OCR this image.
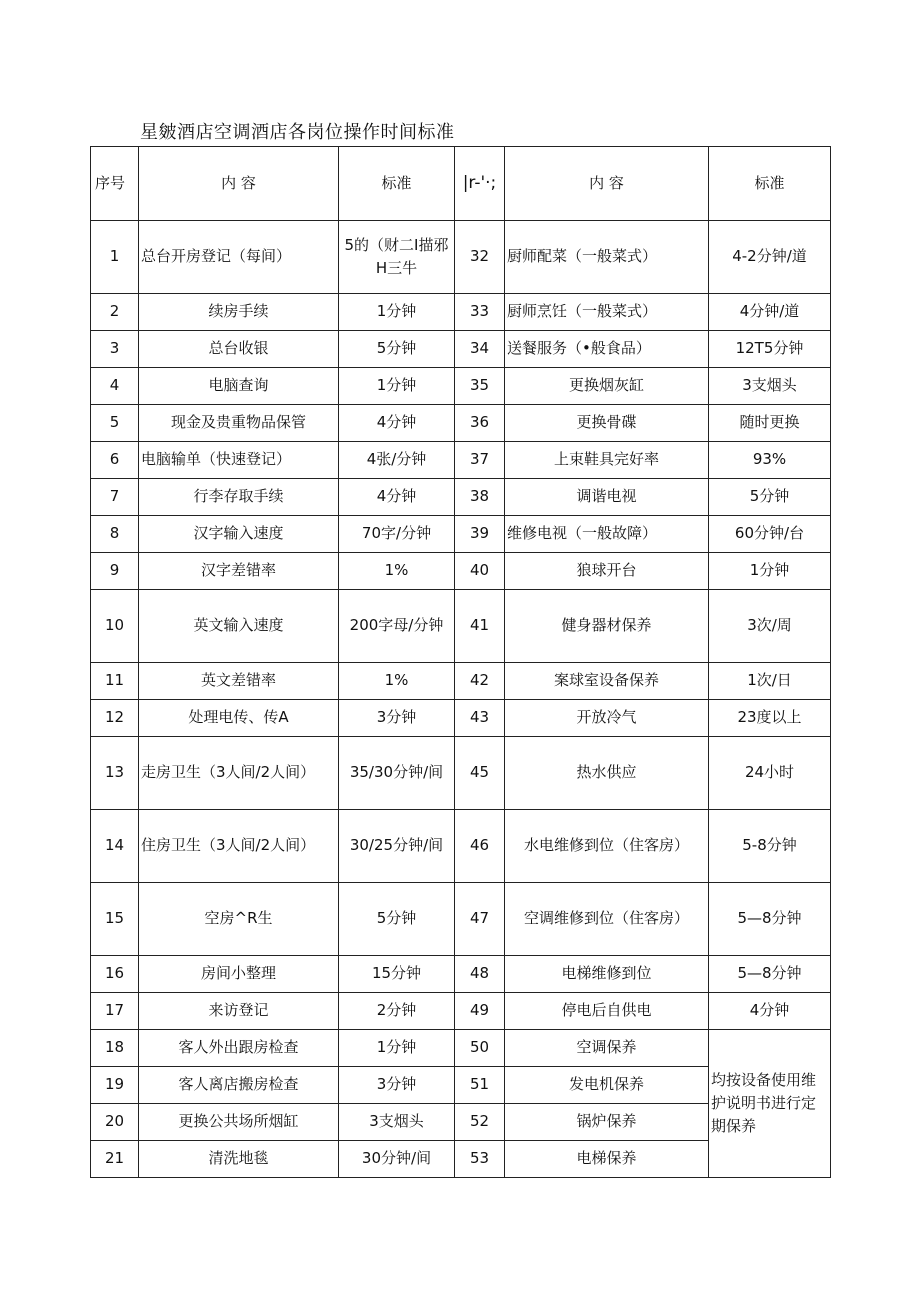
星皴酒店空调酒店各岗位操作时间标准
序号	内 容	标准	|r-'·;	内 容	标准
1	总台开房登记（每间）	5的（财二I描邪H三牛	32	厨师配菜（一般菜式）	4-2分钟/道
2	续房手续	1分钟	33	厨师烹饪（一般菜式）	4分钟/道
3	总台收银	5分钟	34	送餐服务（•般食品）	12T5分钟
4	电脑查询	1分钟	35	更换烟灰缸	3支烟头
5	现金及贵重物品保管	4分钟	36	更换骨碟	随时更换
6	电脑输单（快速登记）	4张/分钟	37	上束鞋具完好率	93%
7	行李存取手续	4分钟	38	调谐电视	5分钟
8	汉字输入速度	70字/分钟	39	维修电视（一般故障）	60分钟/台
9	汉字差错率	1%	40	狼球开台	1分钟
10	英文输入速度	200字母/分钟	41	健身器材保养	3次/周
11	英文差错率	1%	42	案球室设备保养	1次/日
12	处理电传、传A	3分钟	43	开放冷气	23度以上
13	走房卫生（3人间/2人间）	35/30分钟/间	45	热水供应	24小时
14	住房卫生（3人间/2人间）	30/25分钟/间	46	水电维修到位（住客房）	5-8分钟
15	空房^R生	5分钟	47	空调维修到位（住客房）	5—8分钟
16	房间小整理	15分钟	48	电梯维修到位	5—8分钟
17	来访登记	2分钟	49	停电后自供电	4分钟
18	客人外出跟房检查	1分钟	50	空调保养	均按设备使用维护说明书进行定期保养
19	客人离店搬房检查	3分钟	51	发电机保养	
20	更换公共场所烟缸	3支烟头	52	锅炉保养	
21	清洗地毯	30分钟/间	53	电梯保养	
